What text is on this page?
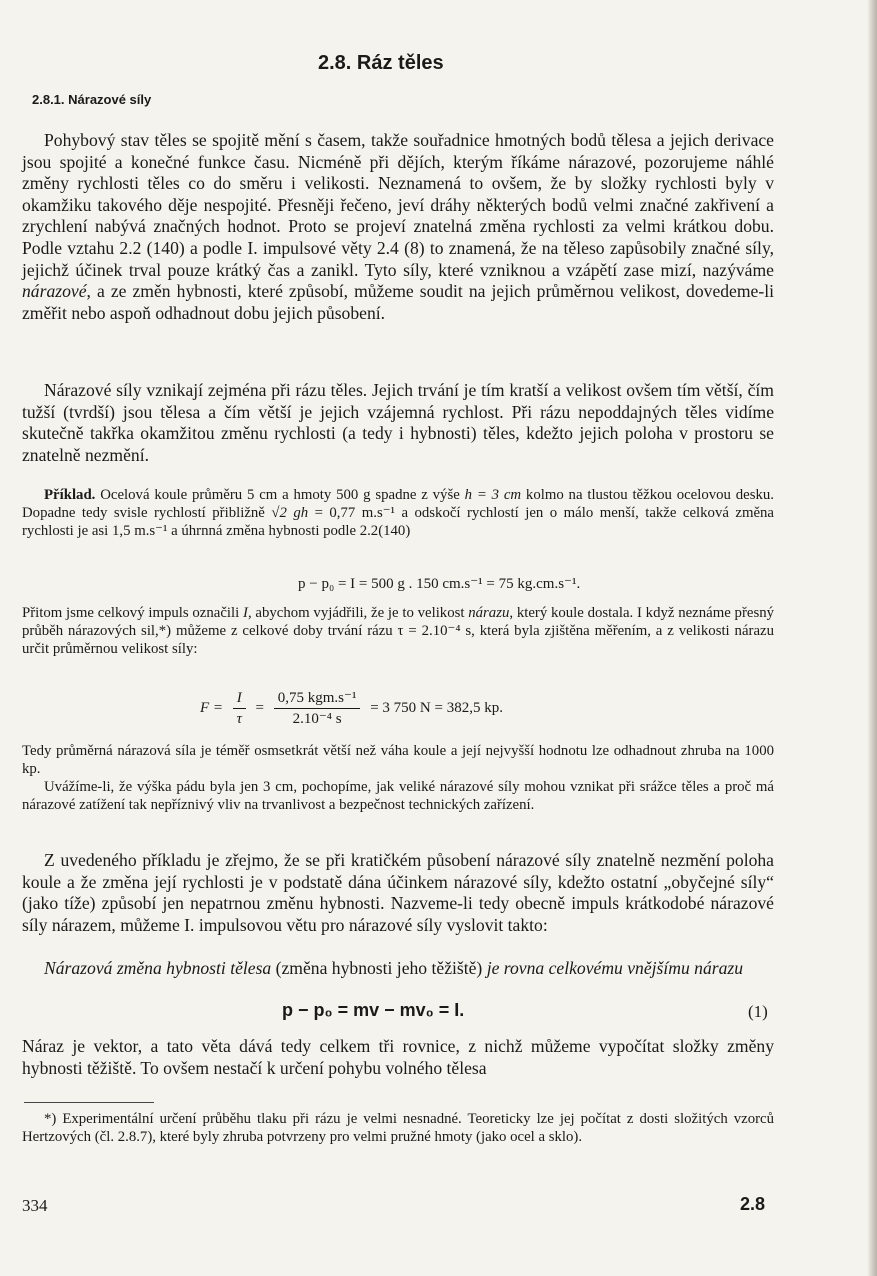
2.8. Ráz těles
2.8.1. Nárazové síly

Pohybový stav těles se spojitě mění s časem, takže souřadnice hmotných bodů tělesa a jejich derivace jsou spojité a konečné funkce času. Nicméně při dějích, kterým říkáme nárazové, pozorujeme náhlé změny rychlosti těles co do směru i velikosti. Neznamená to ovšem, že by složky rychlosti byly v okamžiku takového děje nespojité. Přesněji řečeno, jeví dráhy některých bodů velmi značné zakřivení a zrychlení nabývá značných hodnot. Proto se projeví znatelná změna rychlosti za velmi krátkou dobu. Podle vztahu 2.2 (140) a podle I. impulsové věty 2.4 (8) to znamená, že na těleso zapůsobily značné síly, jejichž účinek trval pouze krátký čas a zanikl. Tyto síly, které vzniknou a vzápětí zase mizí, nazýváme nárazové, a ze změn hybnosti, které způsobí, můžeme soudit na jejich průměrnou velikost, dovedeme-li změřit nebo aspoň odhadnout dobu jejich působení.

Nárazové síly vznikají zejména při rázu těles. Jejich trvání je tím kratší a velikost ovšem tím větší, čím tužší (tvrdší) jsou tělesa a čím větší je jejich vzájemná rychlost. Při rázu nepoddajných těles vidíme skutečně takřka okamžitou změnu rychlosti (a tedy i hybnosti) těles, kdežto jejich poloha v prostoru se znatelně nezmění.

Příklad. Ocelová koule průměru 5 cm a hmoty 500 g spadne z výše h = 3 cm kolmo na tlustou těžkou ocelovou desku. Dopadne tedy svisle rychlostí přibližně √2 gh = 0,77 m.s⁻¹ a odskočí rychlostí jen o málo menší, takže celková změna rychlosti je asi 1,5 m.s⁻¹ a úhrnná změna hybnosti podle 2.2(140)

p − p₀ = I = 500 g . 150 cm.s⁻¹ = 75 kg.cm.s⁻¹.

Přitom jsme celkový impuls označili I, abychom vyjádřili, že je to velikost nárazu, který koule dostala. I když neznáme přesný průběh nárazových sil,*) můžeme z celkové doby trvání rázu τ = 2.10⁻⁴ s, která byla zjištěna měřením, a z velikosti nárazu určit průměrnou velikost síly:

$F = \frac{I}{\tau} = \frac{\text{0,75 kgm.s⁻¹}}{\text{2.10⁻⁴ s}} = 3$ 750 N = 382,5 kp.

Tedy průměrná nárazová síla je téměř osmsetkrát větší než váha koule a její nejvyšší hodnotu lze odhadnout zhruba na 1000 kp.

Uvážíme-li, že výška pádu byla jen 3 cm, pochopíme, jak veliké nárazové síly mohou vznikat při srážce těles a proč má nárazové zatížení tak nepříznivý vliv na trvanlivost a bezpečnost technických zařízení.

Z uvedeného příkladu je zřejmo, že se při kratičkém působení nárazové síly znatelně nezmění poloha koule a že změna její rychlosti je v podstatě dána účinkem nárazové síly, kdežto ostatní „obyčejné síly“ (jako tíže) způsobí jen nepatrnou změnu hybnosti. Nazveme-li tedy obecně impuls krátkodobé nárazové síly nárazem, můžeme I. impulsovou větu pro nárazové síly vyslovit takto:

Nárazová změna hybnosti tělesa (změna hybnosti jeho těžiště) je rovna celkovému vnějšímu nárazu

p − p₀ = mv − mv₀ = I.	(1)

Náraz je vektor, a tato věta dává tedy celkem tři rovnice, z nichž můžeme vypočítat složky změny hybnosti těžiště. To ovšem nestačí k určení pohybu volného tělesa

*) Experimentální určení průběhu tlaku při rázu je velmi nesnadné. Teoreticky lze jej počítat z dosti složitých vzorců Hertzových (čl. 2.8.7), které byly zhruba potvrzeny pro velmi pružné hmoty (jako ocel a sklo).

334	2.8
